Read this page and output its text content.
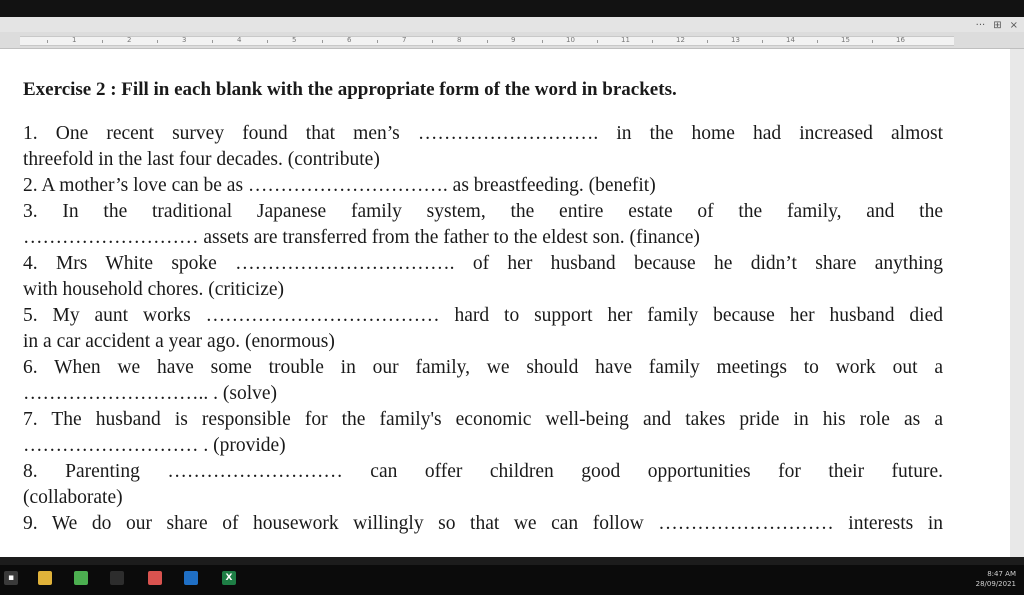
··· ⊞ ×
1	2	3	4	5	6	7	8	9	10	11	12	13	14	15	16

Exercise 2 : Fill in each blank with the appropriate form of the word in brackets.

1. One recent survey found that men’s ………………………. in the home had increased almost

threefold in the last four decades. (contribute)

2. A mother’s love can be as …………………………. as breastfeeding. (benefit)

3. In the traditional Japanese family system, the entire estate of the family, and the

……………………… assets are transferred from the father to the eldest son. (finance)

4. Mrs White spoke ……………………………. of her husband because he didn’t share anything

with household chores. (criticize)

5. My aunt works ……………………………… hard to support her family because her husband died

in a car accident a year ago. (enormous)

6. When we have some trouble in our family, we should have family meetings to work out a

……………………….. . (solve)

7. The husband is responsible for the family's economic well-being and takes pride in his role as a

……………………… . (provide)

8. Parenting ……………………… can offer children good opportunities for their future.

(collaborate)

9. We do our share of housework willingly so that we can follow ……………………… interests in

▪	X	8:47 AM
28/09/2021
